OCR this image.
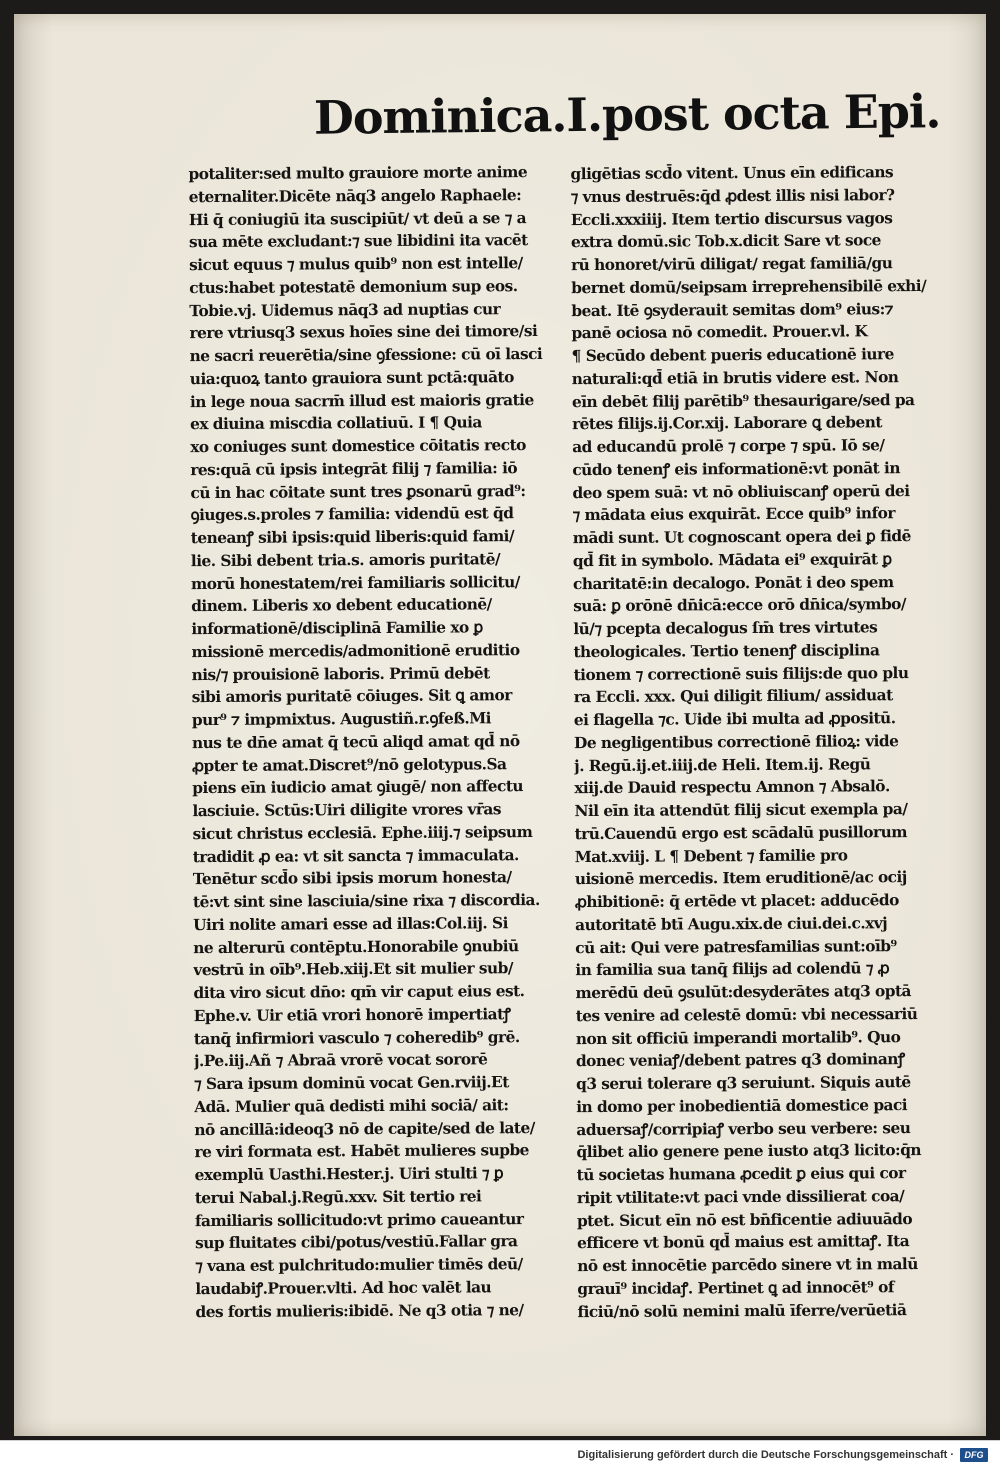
Dominica.I.post octa Epi.
potaliter:sed multo grauiore morte anime
eternaliter.Dicēte nāq3 angelo Raphaele:
Hi q̄ coniugiū ita suscipiūt/ vt deū a se ⁊ a
sua mēte excludant:⁊ sue libidini ita vacēt
sicut equus ⁊ mulus quib⁹ non est intelle/
ctus:habet potestatē demonium sup eos.
Tobie.vj. Uidemus nāq3 ad nuptias cur
rere vtriusq3 sexus hoīes sine dei timore/si
ne sacri reuerētia/sine ꝯfessione: cū oī lasci
uia:quoꝝ tanto grauiora sunt pctā:quāto
in lege noua sacrm̄ illud est maioris gratie
ex diuina miscdia collatiuū. I ¶ Quia
xo coniuges sunt domestice cōitatis recto
res:quā cū ipsis integrāt filij ⁊ familia: iō
cū in hac cōitate sunt tres ꝑsonarū grad⁹:
ꝯiuges.s.proles ⁊ familia: videndū est q̄d
teneanꝭ sibi ipsis:quid liberis:quid fami/
lie. Sibi debent tria.s. amoris puritatē/
morū honestatem/rei familiaris sollicitu/
dinem. Liberis xo debent educationē/
informationē/disciplinā Familie xo ꝑ
missionē mercedis/admonitionē eruditio
nis/⁊ prouisionē laboris. Primū debēt
sibi amoris puritatē cōiuges. Sit ꝗ amor
pur⁹ ⁊ impmixtus. Augustiñ.r.ꝯfeß.Mi
nus te dn̄e amat q̄ tecū aliqd amat qd̄ nō
ꝓpter te amat.Discret⁹/nō gelotypus.Sa
piens eīn iudicio amat ꝯiugē/ non affectu
lasciuie. Sctūs:Uiri diligite vrores vr̄as
sicut christus ecclesiā. Ephe.iiij.⁊ seipsum
tradidit ꝓ ea: vt sit sancta ⁊ immaculata.
Tenētur scd̄o sibi ipsis morum honesta/
tē:vt sint sine lasciuia/sine rixa ⁊ discordia.
Uiri nolite amari esse ad illas:Col.iij. Si
ne alterurū contēptu.Honorabile ꝯnubiū
vestrū in oīb⁹.Heb.xiij.Et sit mulier sub/
dita viro sicut dn̄o: qm̄ vir caput eius est.
Ephe.v. Uir etiā vrori honorē impertiatꝭ
tanq̄ infirmiori vasculo ⁊ coheredib⁹ grē.
j.Pe.iij.Añ ⁊ Abraā vrorē vocat sororē
⁊ Sara ipsum dominū vocat Gen.rviij.Et
Adā. Mulier quā dedisti mihi sociā/ ait:
nō ancillā:ideoq3 nō de capite/sed de late/
re viri formata est. Habēt mulieres supbe
exemplū Uasthi.Hester.j. Uiri stulti ⁊ ꝑ
terui Nabal.j.Regū.xxv. Sit tertio rei
familiaris sollicitudo:vt primo caueantur
sup fluitates cibi/potus/vestiū.Fallar gra
⁊ vana est pulchritudo:mulier timēs deū/
laudabiꝭ.Prouer.vlti. Ad hoc valēt lau
des fortis mulieris:ibidē. Ne q3 otia ⁊ ne/
gligētias scd̄o vitent. Unus eīn edificans
⁊ vnus destruēs:q̄d ꝓdest illis nisi labor?
Eccli.xxxiiij. Item tertio discursus vagos
extra domū.sic Tob.x.dicit Sare vt soce
rū honoret/virū diligat/ regat familiā/gu
bernet domū/seipsam irreprehensibilē exhi/
beat. Itē ꝯsyderauit semitas dom⁹ eius:⁊
panē ociosa nō comedit. Prouer.vl. K
¶ Secūdo debent pueris educationē iure
naturali:qd̄ etiā in brutis videre est. Non
eīn debēt filij parētib⁹ thesaurigare/sed pa
rētes filijs.ij.Cor.xij. Laborare ꝗ debent
ad educandū prolē ⁊ corpe ⁊ spū. Iō se/
cūdo tenenꝭ eis informationē:vt ponāt in
deo spem suā: vt nō obliuiscanꝭ operū dei
⁊ mādata eius exquirāt. Ecce quib⁹ infor
mādi sunt. Ut cognoscant opera dei ꝑ fidē
qd̄ fit in symbolo. Mādata ei⁹ exquirāt ꝑ
charitatē:in decalogo. Ponāt i deo spem
suā: ꝑ orōnē dn̄icā:ecce orō dn̄ica/symbo/
lū/⁊ pcepta decalogus ſm̄ tres virtutes
theologicales. Tertio tenenꝭ disciplina
tionem ⁊ correctionē suis filijs:de quo plu
ra Eccli. xxx. Qui diligit filium/ assiduat
ei flagella ⁊c. Uide ibi multa ad ꝓpositū.
De negligentibus correctionē filioꝝ: vide
j. Regū.ij.et.iiij.de Heli. Item.ij. Regū
xiij.de Dauid respectu Amnon ⁊ Absalō.
Nil eīn ita attendūt filij sicut exempla pa/
trū.Cauendū ergo est scādalū pusillorum
Mat.xviij. L ¶ Debent ⁊ familie pro
uisionē mercedis. Item eruditionē/ac ocij
ꝓhibitionē: q̄ ertēde vt placet: adducēdo
autoritatē btī Augu.xix.de ciui.dei.c.xvj
cū ait: Qui vere patresfamilias sunt:oīb⁹
in familia sua tanq̄ filijs ad colendū ⁊ ꝓ
merēdū deū ꝯsulūt:desyderātes atq3 optā
tes venire ad celestē domū: vbi necessariū
non sit officiū imperandi mortalib⁹. Quo
donec veniaꝭ/debent patres q3 dominanꝭ
q3 serui tolerare q3 seruiunt. Siquis autē
in domo per inobedientiā domestice paci
aduersaꝭ/corripiaꝭ verbo seu verbere: seu
q̄libet alio genere pene iusto atq3 licito:q̄n
tū societas humana ꝓcedit ꝑ eius qui cor
ripit vtilitate:vt paci vnde dissilierat coa/
ptet. Sicut eīn nō est bn̄ficentie adiuuādo
efficere vt bonū qd̄ maius est amittaꝭ. Ita
nō est innocētie parcēdo sinere vt in malū
grauī⁹ incidaꝭ. Pertinet ꝗ ad innocēt⁹ of
ficiū/nō solū nemini malū īferre/verūetiā
Digitalisierung gefördert durch die Deutsche Forschungsgemeinschaft ·	DFG
